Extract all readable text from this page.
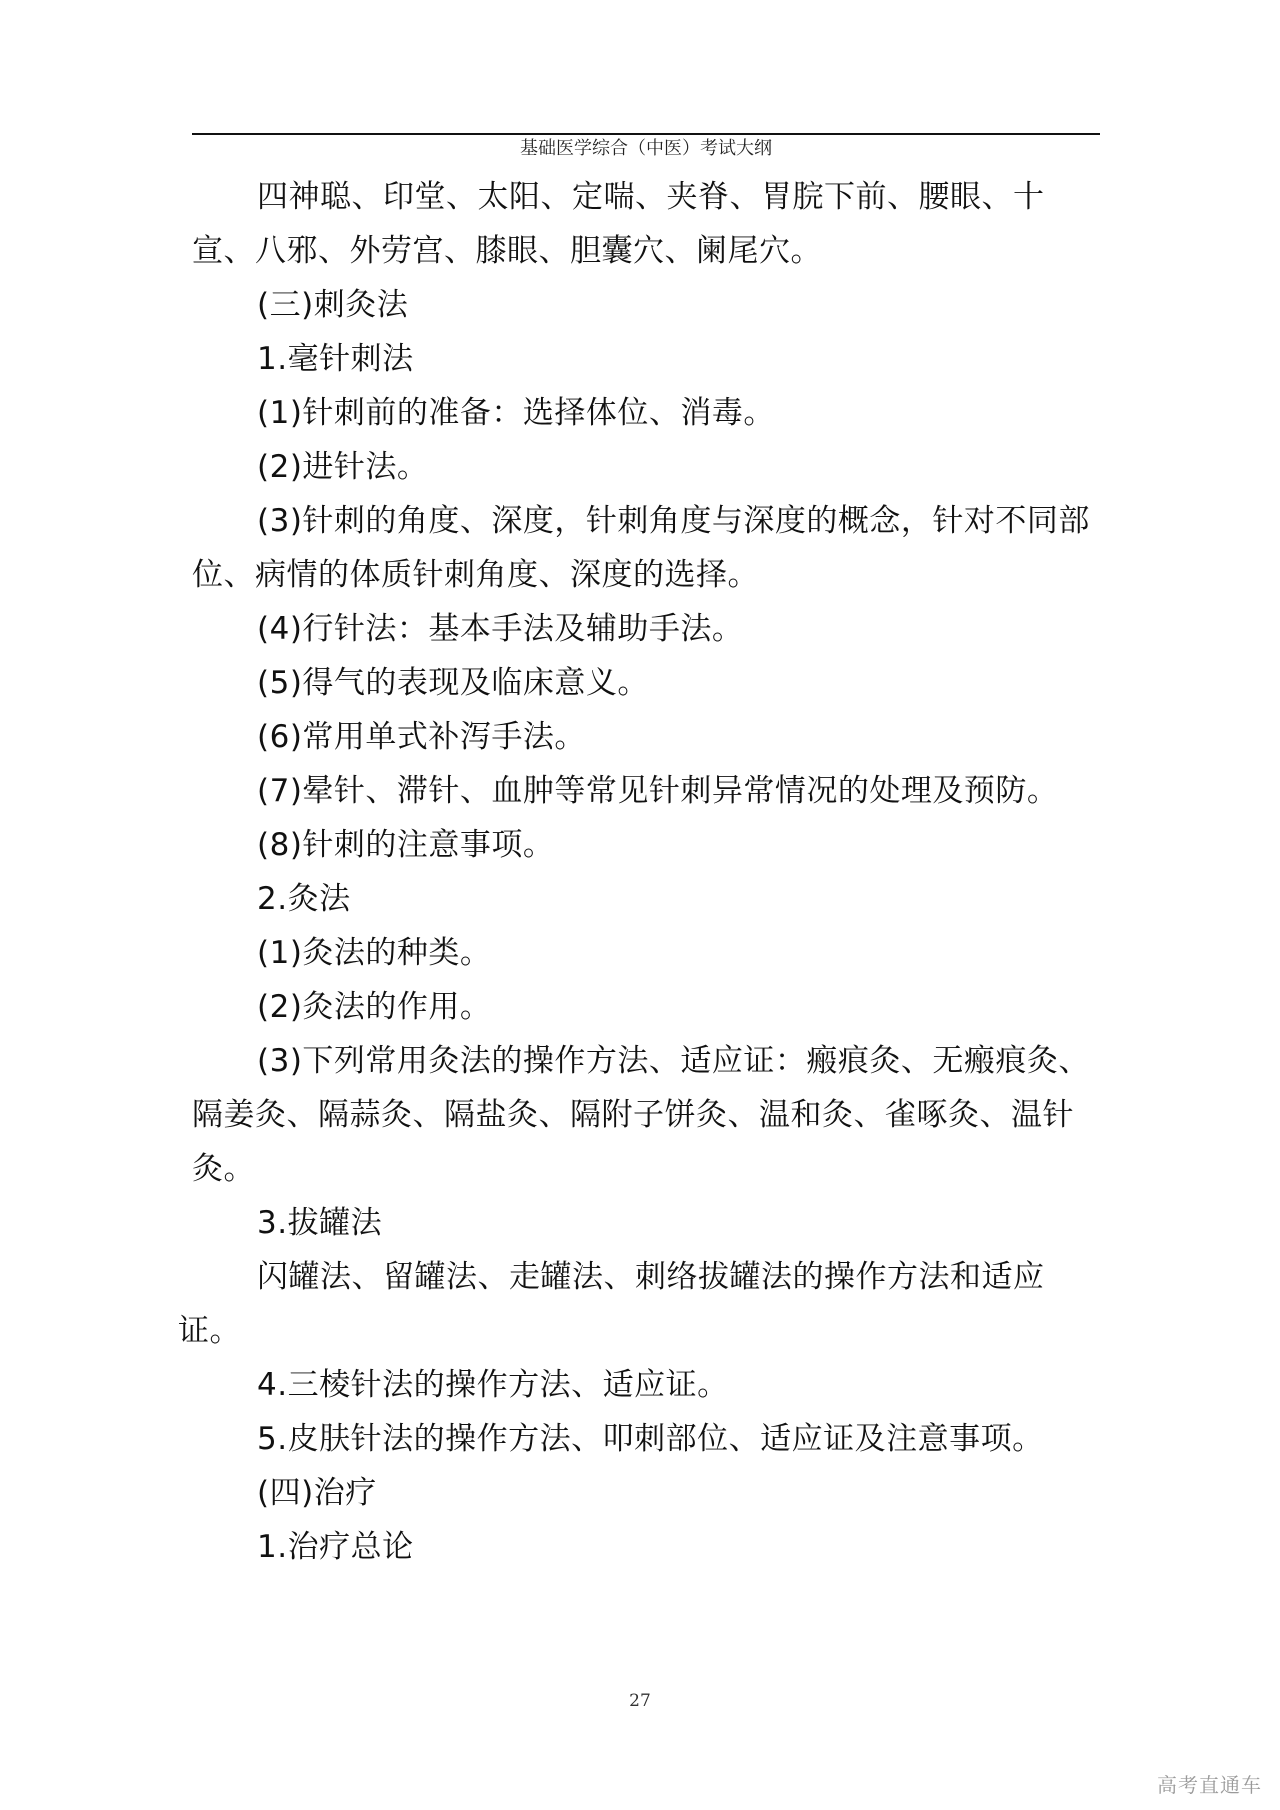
基础医学综合（中医）考试大纲
四神聪、印堂、太阳、定喘、夹脊、胃脘下前、腰眼、十
宣、八邪、外劳宫、膝眼、胆囊穴、阑尾穴。
(三)刺灸法
1.毫针刺法
(1)针刺前的准备：选择体位、消毒。
(2)进针法。
(3)针刺的角度、深度，针刺角度与深度的概念，针对不同部
位、病情的体质针刺角度、深度的选择。
(4)行针法：基本手法及辅助手法。
(5)得气的表现及临床意义。
(6)常用单式补泻手法。
(7)晕针、滞针、血肿等常见针刺异常情况的处理及预防。
(8)针刺的注意事项。
2.灸法
(1)灸法的种类。
(2)灸法的作用。
(3)下列常用灸法的操作方法、适应证：瘢痕灸、无瘢痕灸、
隔姜灸、隔蒜灸、隔盐灸、隔附子饼灸、温和灸、雀啄灸、温针
灸。
3.拔罐法
闪罐法、留罐法、走罐法、刺络拔罐法的操作方法和适应
证。
4.三棱针法的操作方法、适应证。
5.皮肤针法的操作方法、叩刺部位、适应证及注意事项。
(四)治疗
1.治疗总论
27
高考直通车
